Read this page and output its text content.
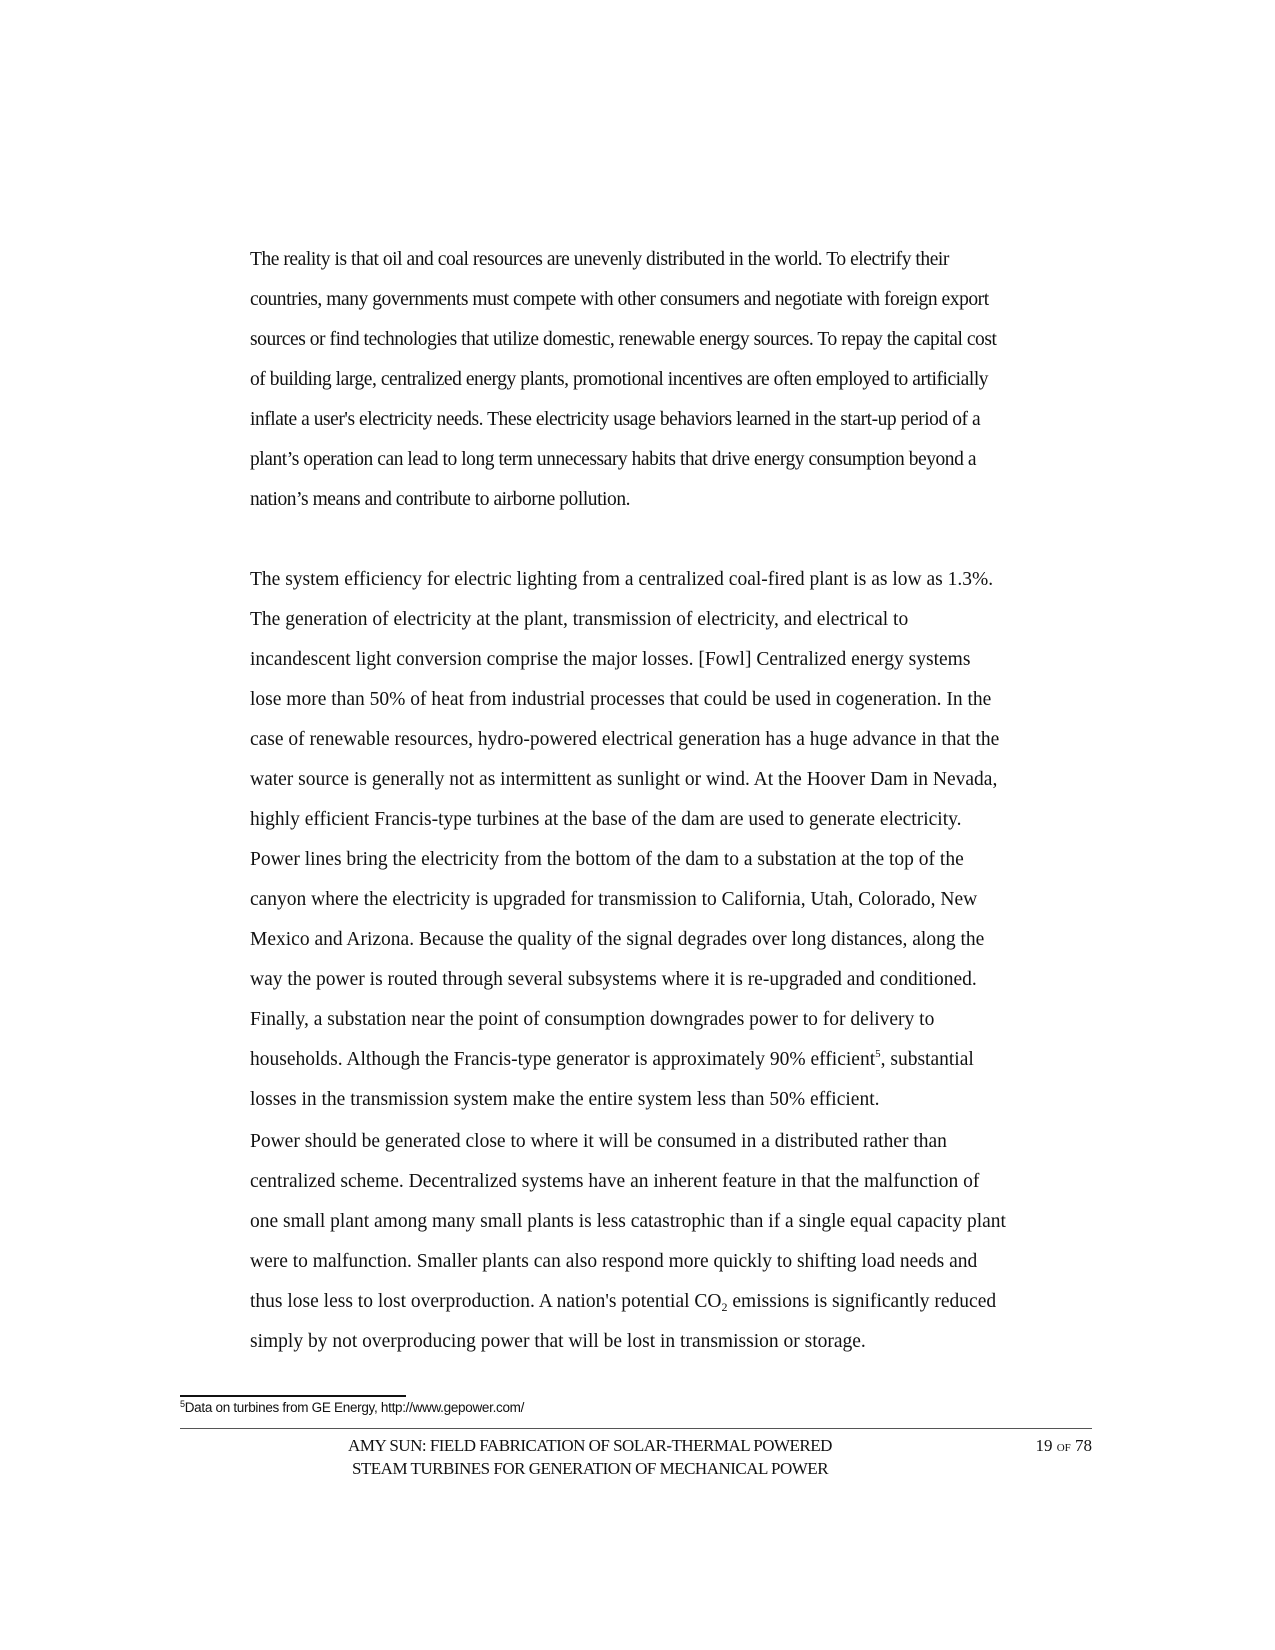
The reality is that oil and coal resources are unevenly distributed in the world. To electrify their
countries, many governments must compete with other consumers and negotiate with foreign export
sources or find technologies that utilize domestic, renewable energy sources. To repay the capital cost
of building large, centralized energy plants, promotional incentives are often employed to artificially
inflate a user's electricity needs. These electricity usage behaviors learned in the start-up period of a
plant’s operation can lead to long term unnecessary habits that drive energy consumption beyond a
nation’s means and contribute to airborne pollution.

The system efficiency for electric lighting from a centralized coal-fired plant is as low as 1.3%.
The generation of electricity at the plant, transmission of electricity, and electrical to
incandescent light conversion comprise the major losses. [Fowl] Centralized energy systems
lose more than 50% of heat from industrial processes that could be used in cogeneration. In the
case of renewable resources, hydro-powered electrical generation has a huge advance in that the
water source is generally not as intermittent as sunlight or wind. At the Hoover Dam in Nevada,
highly efficient Francis-type turbines at the base of the dam are used to generate electricity.
Power lines bring the electricity from the bottom of the dam to a substation at the top of the
canyon where the electricity is upgraded for transmission to California, Utah, Colorado, New
Mexico and Arizona. Because the quality of the signal degrades over long distances, along the
way the power is routed through several subsystems where it is re-upgraded and conditioned.
Finally, a substation near the point of consumption downgrades power to for delivery to
households. Although the Francis-type generator is approximately 90% efficient$^5$, substantial
losses in the transmission system make the entire system less than 50% efficient.

Power should be generated close to where it will be consumed in a distributed rather than
centralized scheme. Decentralized systems have an inherent feature in that the malfunction of
one small plant among many small plants is less catastrophic than if a single equal capacity plant
were to malfunction. Smaller plants can also respond more quickly to shifting load needs and
thus lose less to lost overproduction. A nation's potential $CO_2$ emissions is significantly reduced
simply by not overproducing power that will be lost in transmission or storage.

$^5$Data on turbines from GE Energy, http://www.gepower.com/
AMY SUN: FIELD FABRICATION OF SOLAR-THERMAL POWERED
STEAM TURBINES FOR GENERATION OF MECHANICAL POWER
19 OF 78
